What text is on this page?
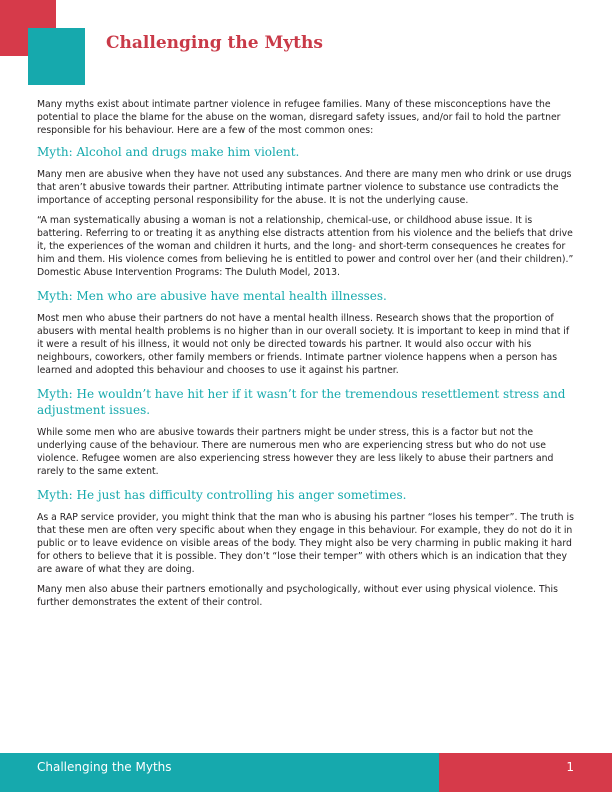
Challenging the Myths

Many myths exist about intimate partner violence in refugee families. Many of these misconceptions have the potential to place the blame for the abuse on the woman, disregard safety issues, and/or fail to hold the partner responsible for his behaviour. Here are a few of the most common ones:

Myth: Alcohol and drugs make him violent.

Many men are abusive when they have not used any substances. And there are many men who drink or use drugs that aren’t abusive towards their partner. Attributing intimate partner violence to substance use contradicts the importance of accepting personal responsibility for the abuse. It is not the underlying cause.

“A man systematically abusing a woman is not a relationship, chemical-use, or childhood abuse issue. It is battering. Referring to or treating it as anything else distracts attention from his violence and the beliefs that drive it, the experiences of the woman and children it hurts, and the long- and short-term consequences he creates for him and them. His violence comes from believing he is entitled to power and control over her (and their children).” Domestic Abuse Intervention Programs: The Duluth Model, 2013.

Myth: Men who are abusive have mental health illnesses.

Most men who abuse their partners do not have a mental health illness. Research shows that the proportion of abusers with mental health problems is no higher than in our overall society. It is important to keep in mind that if it were a result of his illness, it would not only be directed towards his partner. It would also occur with his neighbours, coworkers, other family members or friends. Intimate partner violence happens when a person has learned and adopted this behaviour and chooses to use it against his partner.

Myth: He wouldn’t have hit her if it wasn’t for the tremendous resettlement stress and adjustment issues.

While some men who are abusive towards their partners might be under stress, this is a factor but not the underlying cause of the behaviour. There are numerous men who are experiencing stress but who do not use violence. Refugee women are also experiencing stress however they are less likely to abuse their partners and rarely to the same extent.

Myth: He just has difficulty controlling his anger sometimes.

As a RAP service provider, you might think that the man who is abusing his partner “loses his temper”. The truth is that these men are often very specific about when they engage in this behaviour. For example, they do not do it in public or to leave evidence on visible areas of the body. They might also be very charming in public making it hard for others to believe that it is possible. They don’t “lose their temper” with others which is an indication that they are aware of what they are doing.

Many men also abuse their partners emotionally and psychologically, without ever using physical violence. This further demonstrates the extent of their control.

Challenging the Myths	1
